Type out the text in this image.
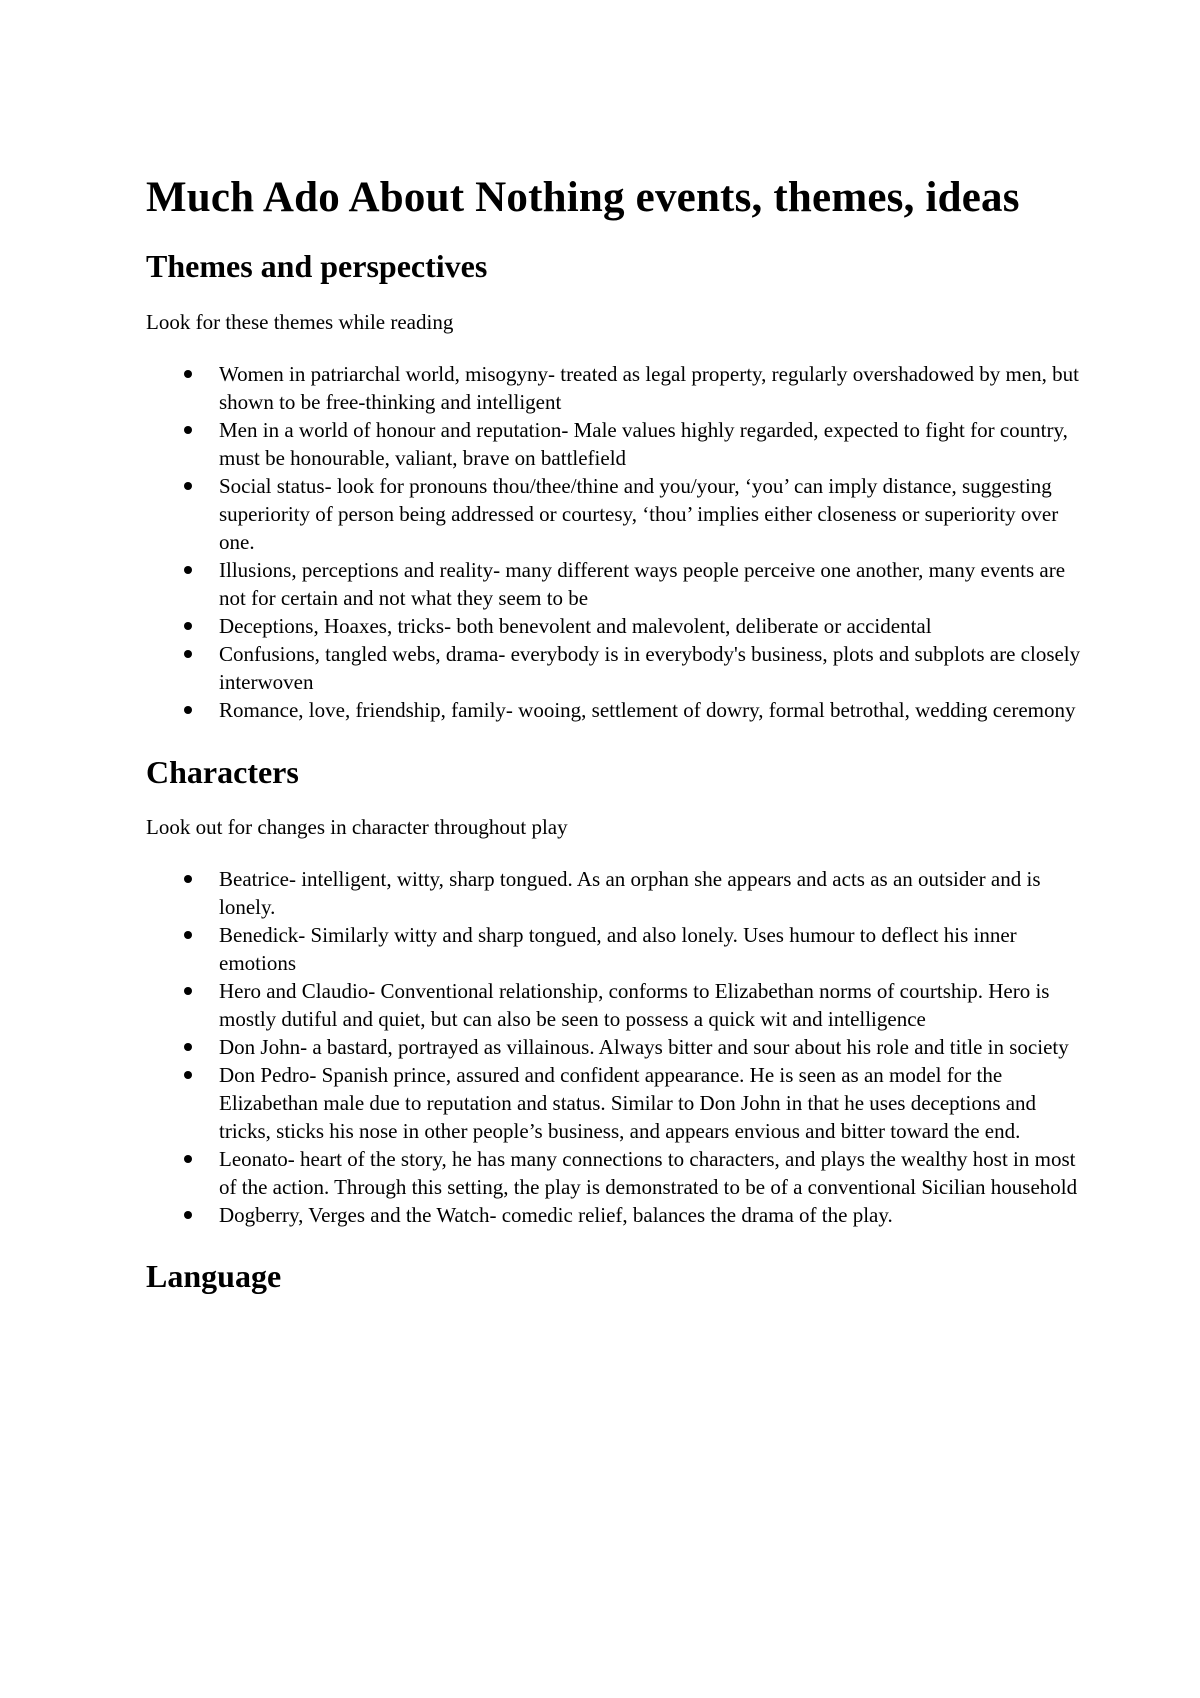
Much Ado About Nothing events, themes, ideas
Themes and perspectives

Look for these themes while reading

Women in patriarchal world, misogyny- treated as legal property, regularly overshadowed by men, but shown to be free-thinking and intelligent
Men in a world of honour and reputation- Male values highly regarded, expected to fight for country, must be honourable, valiant, brave on battlefield
Social status- look for pronouns thou/thee/thine and you/your, ‘you’ can imply distance, suggesting superiority of person being addressed or courtesy, ‘thou’ implies either closeness or superiority over one.
Illusions, perceptions and reality- many different ways people perceive one another, many events are not for certain and not what they seem to be
Deceptions, Hoaxes, tricks- both benevolent and malevolent, deliberate or accidental
Confusions, tangled webs, drama- everybody is in everybody's business, plots and subplots are closely interwoven
Romance, love, friendship, family- wooing, settlement of dowry, formal betrothal, wedding ceremony
Characters

Look out for changes in character throughout play

Beatrice- intelligent, witty, sharp tongued. As an orphan she appears and acts as an outsider and is lonely.
Benedick- Similarly witty and sharp tongued, and also lonely. Uses humour to deflect his inner emotions
Hero and Claudio- Conventional relationship, conforms to Elizabethan norms of courtship. Hero is mostly dutiful and quiet, but can also be seen to possess a quick wit and intelligence
Don John- a bastard, portrayed as villainous. Always bitter and sour about his role and title in society
Don Pedro- Spanish prince, assured and confident appearance. He is seen as an model for the Elizabethan male due to reputation and status. Similar to Don John in that he uses deceptions and tricks, sticks his nose in other people’s business, and appears envious and bitter toward the end.
Leonato- heart of the story, he has many connections to characters, and plays the wealthy host in most of the action. Through this setting, the play is demonstrated to be of a conventional Sicilian household
Dogberry, Verges and the Watch- comedic relief, balances the drama of the play.
Language
